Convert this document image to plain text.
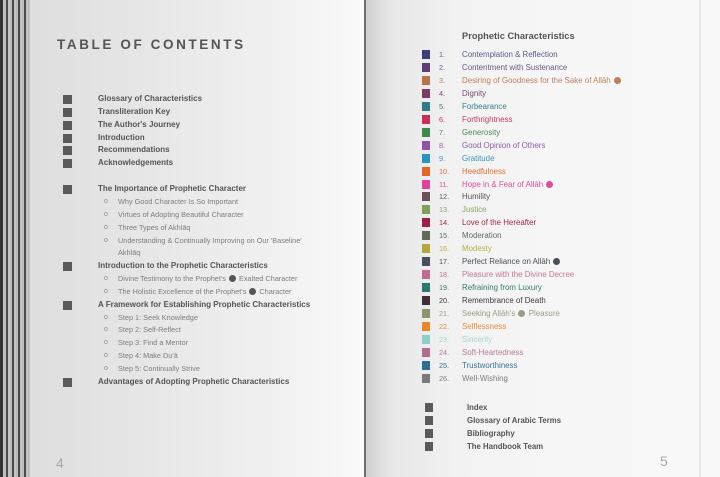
TABLE OF CONTENTS
Glossary of Characteristics
Transliteration Key
The Author's Journey
Introduction
Recommendations
Acknowledgements
The Importance of Prophetic Character
o Why Good Character Is So Important
o Virtues of Adopting Beautiful Character
o Three Types of Akhlāq
o Understanding & Continually Improving on Our 'Baseline'
Akhlāq
Introduction to the Prophetic Characteristics
o Divine Testimony to the Prophet's Exalted Character
o The Holistic Excellence of the Prophet's Character
A Framework for Establishing Prophetic Characteristics
o Step 1: Seek Knowledge
o Step 2: Self-Reflect
o Step 3: Find a Mentor
o Step 4: Make Du'ā
o Step 5: Continually Strive
Advantages of Adopting Prophetic Characteristics
4
Prophetic Characteristics
1. Contemplation & Reflection
2. Contentment with Sustenance
3. Desiring of Goodness for the Sake of Allāh
4. Dignity
5. Forbearance
6. Forthrightness
7. Generosity
8. Good Opinion of Others
9. Gratitude
10. Heedfulness
11. Hope in & Fear of Allāh
12. Humility
13. Justice
14. Love of the Hereafter
15. Moderation
16. Modesty
17. Perfect Reliance on Allāh
18. Pleasure with the Divine Decree
19. Refraining from Luxury
20. Remembrance of Death
21. Seeking Allāh's Pleasure
22. Selflessness
23. Sincerity
24. Soft-Heartedness
25. Trustworthiness
26. Well-Wishing
Index
Glossary of Arabic Terms
Bibliography
The Handbook Team
5
